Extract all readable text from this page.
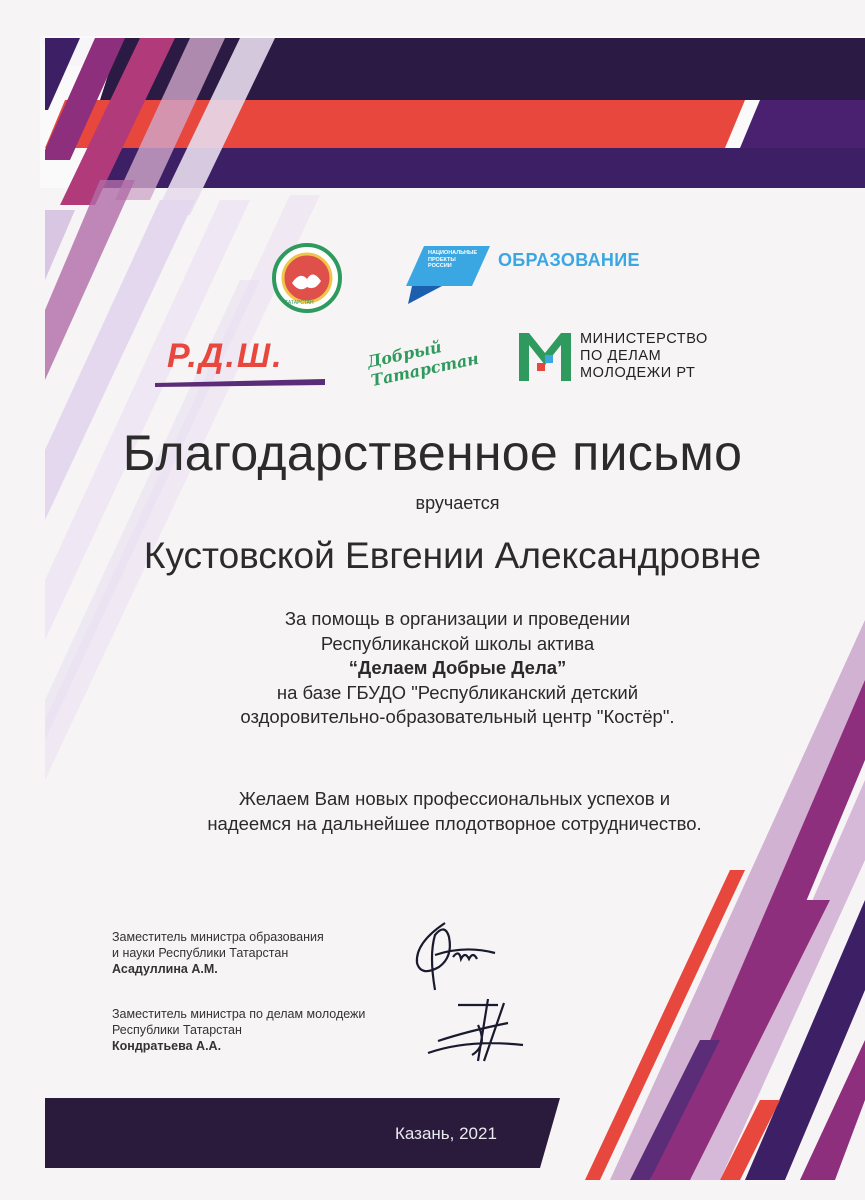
ТАТАРСТАН
НАЦИОНАЛЬНЫЕ
ПРОЕКТЫ
РОССИИ	ОБРАЗОВАНИЕ
Р.Д.Ш.	Добрый Татарстан
МИНИСТЕРСТВО
ПО ДЕЛАМ
МОЛОДЕЖИ РТ
Благодарственное письмо
вручается
Кустовской Евгении Александровне
За помощь в организации и проведении
Республиканской школы актива
“Делаем Добрые Дела”
на базе ГБУДО "Республиканский детский
оздоровительно-образовательный центр "Костёр".
Желаем Вам новых профессиональных успехов и
надеемся на дальнейшее плодотворное сотрудничество.
Заместитель министра образования
и науки Республики Татарстан
Асадуллина А.М.
Заместитель министра по делам молодежи
Республики Татарстан
Кондратьева А.А.
Казань, 2021
